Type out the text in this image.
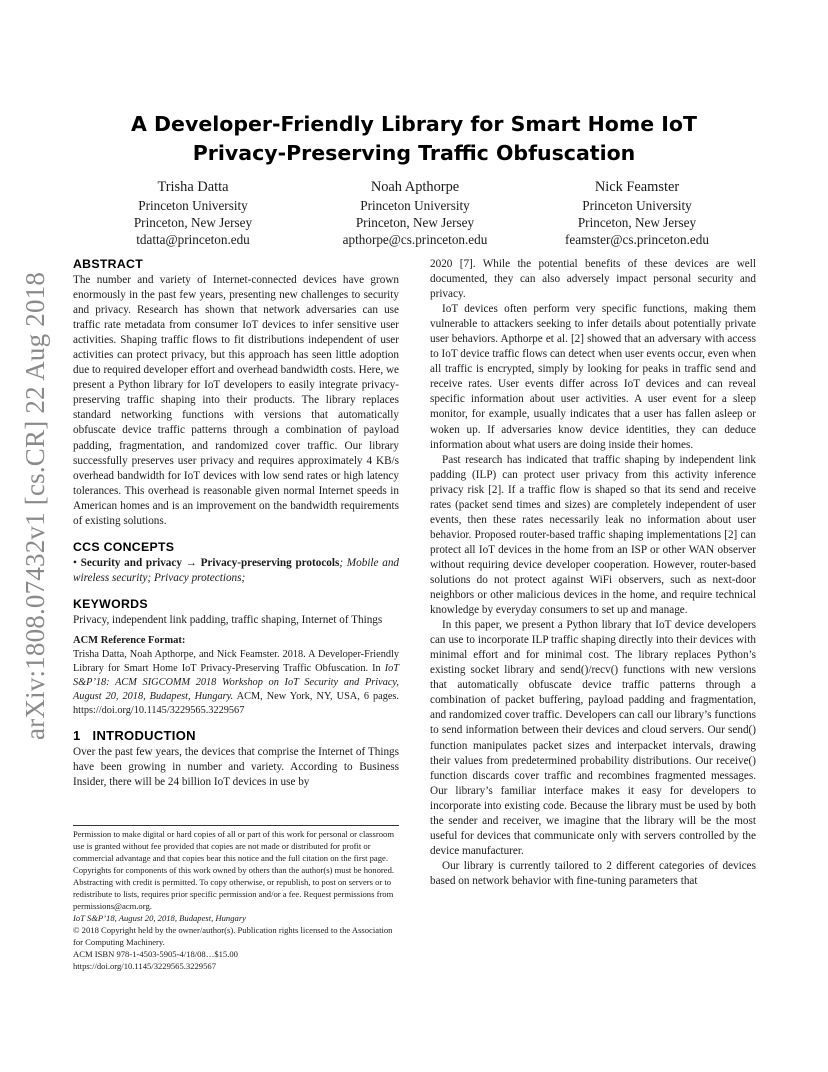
arXiv:1808.07432v1 [cs.CR] 22 Aug 2018
A Developer-Friendly Library for Smart Home IoT
Privacy-Preserving Traffic Obfuscation
Trisha Datta
Princeton University
Princeton, New Jersey
tdatta@princeton.edu
Noah Apthorpe
Princeton University
Princeton, New Jersey
apthorpe@cs.princeton.edu
Nick Feamster
Princeton University
Princeton, New Jersey
feamster@cs.princeton.edu
ABSTRACT

The number and variety of Internet-connected devices have grown enormously in the past few years, presenting new challenges to security and privacy. Research has shown that network adversaries can use traffic rate metadata from consumer IoT devices to infer sensitive user activities. Shaping traffic flows to fit distributions independent of user activities can protect privacy, but this approach has seen little adoption due to required developer effort and overhead bandwidth costs. Here, we present a Python library for IoT developers to easily integrate privacy-preserving traffic shaping into their products. The library replaces standard networking functions with versions that automatically obfuscate device traffic patterns through a combination of payload padding, fragmentation, and randomized cover traffic. Our library successfully preserves user privacy and requires approximately 4 KB/s overhead bandwidth for IoT devices with low send rates or high latency tolerances. This overhead is reasonable given normal Internet speeds in American homes and is an improvement on the bandwidth requirements of existing solutions.

CCS CONCEPTS

• Security and privacy → Privacy-preserving protocols; Mobile and wireless security; Privacy protections;

KEYWORDS

Privacy, independent link padding, traffic shaping, Internet of Things

ACM Reference Format:

Trisha Datta, Noah Apthorpe, and Nick Feamster. 2018. A Developer-Friendly Library for Smart Home IoT Privacy-Preserving Traffic Obfuscation. In IoT S&P’18: ACM SIGCOMM 2018 Workshop on IoT Security and Privacy, August 20, 2018, Budapest, Hungary. ACM, New York, NY, USA, 6 pages. https://doi.org/10.1145/3229565.3229567

1 INTRODUCTION

Over the past few years, the devices that comprise the Internet of Things have been growing in number and variety. According to Business Insider, there will be 24 billion IoT devices in use by

Permission to make digital or hard copies of all or part of this work for personal or classroom use is granted without fee provided that copies are not made or distributed for profit or commercial advantage and that copies bear this notice and the full citation on the first page. Copyrights for components of this work owned by others than the author(s) must be honored. Abstracting with credit is permitted. To copy otherwise, or republish, to post on servers or to redistribute to lists, requires prior specific permission and/or a fee. Request permissions from permissions@acm.org.
IoT S&P’18, August 20, 2018, Budapest, Hungary
© 2018 Copyright held by the owner/author(s). Publication rights licensed to the Association for Computing Machinery.
ACM ISBN 978-1-4503-5905-4/18/08…$15.00
https://doi.org/10.1145/3229565.3229567

2020 [7]. While the potential benefits of these devices are well documented, they can also adversely impact personal security and privacy.

IoT devices often perform very specific functions, making them vulnerable to attackers seeking to infer details about potentially private user behaviors. Apthorpe et al. [2] showed that an adversary with access to IoT device traffic flows can detect when user events occur, even when all traffic is encrypted, simply by looking for peaks in traffic send and receive rates. User events differ across IoT devices and can reveal specific information about user activities. A user event for a sleep monitor, for example, usually indicates that a user has fallen asleep or woken up. If adversaries know device identities, they can deduce information about what users are doing inside their homes.

Past research has indicated that traffic shaping by independent link padding (ILP) can protect user privacy from this activity inference privacy risk [2]. If a traffic flow is shaped so that its send and receive rates (packet send times and sizes) are completely independent of user events, then these rates necessarily leak no information about user behavior. Proposed router-based traffic shaping implementations [2] can protect all IoT devices in the home from an ISP or other WAN observer without requiring device developer cooperation. However, router-based solutions do not protect against WiFi observers, such as next-door neighbors or other malicious devices in the home, and require technical knowledge by everyday consumers to set up and manage.

In this paper, we present a Python library that IoT device developers can use to incorporate ILP traffic shaping directly into their devices with minimal effort and for minimal cost. The library replaces Python’s existing socket library and send()/recv() functions with new versions that automatically obfuscate device traffic patterns through a combination of packet buffering, payload padding and fragmentation, and randomized cover traffic. Developers can call our library’s functions to send information between their devices and cloud servers. Our send() function manipulates packet sizes and interpacket intervals, drawing their values from predetermined probability distributions. Our receive() function discards cover traffic and recombines fragmented messages. Our library’s familiar interface makes it easy for developers to incorporate into existing code. Because the library must be used by both the sender and receiver, we imagine that the library will be the most useful for devices that communicate only with servers controlled by the device manufacturer.

Our library is currently tailored to 2 different categories of devices based on network behavior with fine-tuning parameters that
